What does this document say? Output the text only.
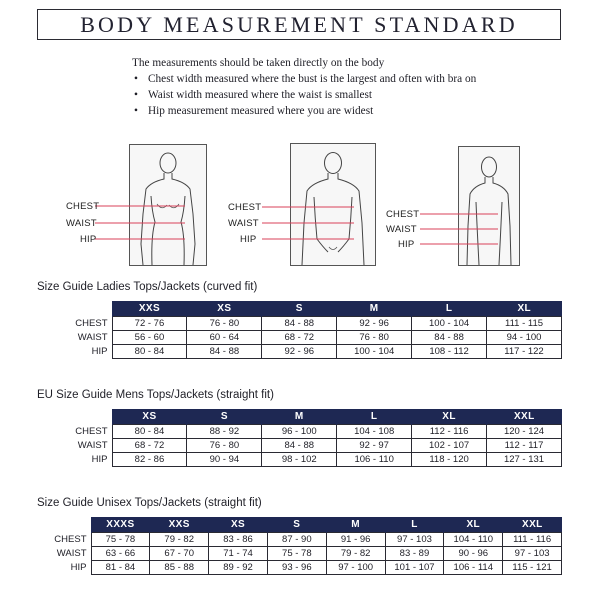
BODY MEASUREMENT STANDARD
The measurements should be taken directly on the body
• Chest width measured where the bust is the largest and often with bra on
• Waist width measured where the waist is smallest
• Hip measurement measured where you are widest
CHEST
WAIST
HIP
CHEST
WAIST
HIP
CHEST
WAIST
HIP
Size Guide Ladies Tops/Jackets (curved fit)
	XXS	XS	S	M	L	XL
CHEST	72 - 76	76 - 80	84 - 88	92 - 96	100 - 104	111 - 115
WAIST	56 - 60	60 - 64	68 - 72	76 - 80	84 - 88	94 - 100
HIP	80 - 84	84 - 88	92 - 96	100 - 104	108 - 112	117 - 122
EU Size Guide Mens Tops/Jackets (straight fit)
	XS	S	M	L	XL	XXL
CHEST	80 - 84	88 - 92	96 - 100	104 - 108	112 - 116	120 - 124
WAIST	68 - 72	76 - 80	84 - 88	92 - 97	102 - 107	112 - 117
HIP	82 - 86	90 - 94	98 - 102	106 - 110	118 - 120	127 - 131
Size Guide Unisex Tops/Jackets (straight fit)
	XXXS	XXS	XS	S	M	L	XL	XXL
CHEST	75 - 78	79 - 82	83 - 86	87 - 90	91 - 96	97 - 103	104 - 110	111 - 116
WAIST	63 - 66	67 - 70	71 - 74	75 - 78	79 - 82	83 - 89	90 - 96	97 - 103
HIP	81 - 84	85 - 88	89 - 92	93 - 96	97 - 100	101 - 107	106 - 114	115 - 121
